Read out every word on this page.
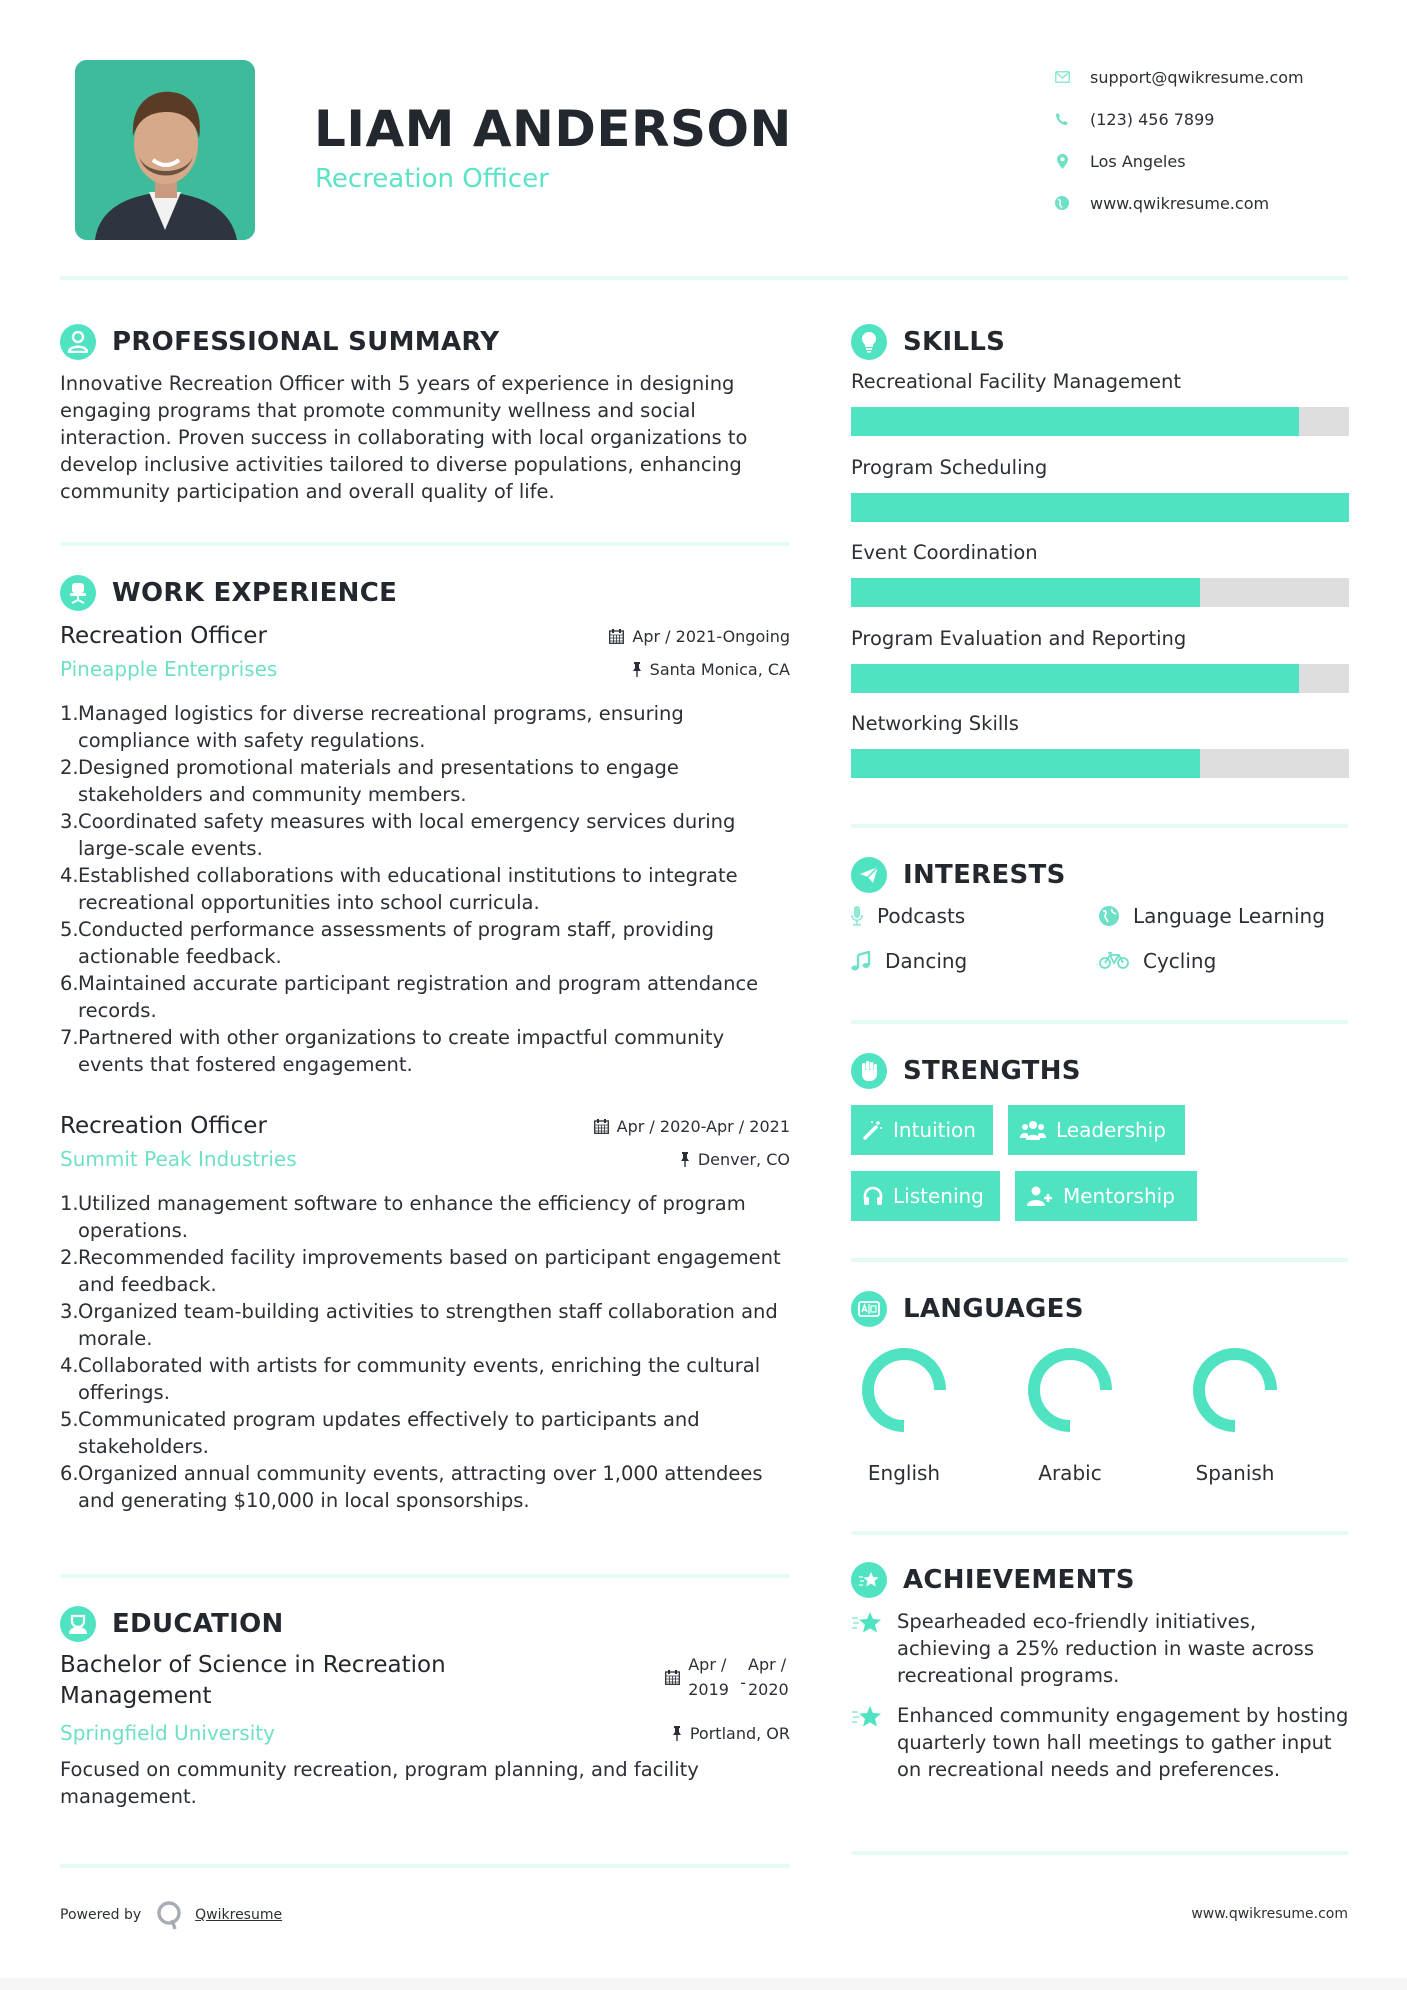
LIAM ANDERSON
Recreation Officer
support@qwikresume.com
(123) 456 7899
Los Angeles
www.qwikresume.com
PROFESSIONAL SUMMARY

Innovative Recreation Officer with 5 years of experience in designing engaging programs that promote community wellness and social interaction. Proven success in collaborating with local organizations to develop inclusive activities tailored to diverse populations, enhancing community participation and overall quality of life.

WORK EXPERIENCE
Recreation Officer	Apr / 2021-Ongoing
Pineapple Enterprises	Santa Monica, CA
1. Managed logistics for diverse recreational programs, ensuring compliance with safety regulations.
2. Designed promotional materials and presentations to engage stakeholders and community members.
3. Coordinated safety measures with local emergency services during large-scale events.
4. Established collaborations with educational institutions to integrate recreational opportunities into school curricula.
5. Conducted performance assessments of program staff, providing actionable feedback.
6. Maintained accurate participant registration and program attendance records.
7. Partnered with other organizations to create impactful community events that fostered engagement.
Recreation Officer	Apr / 2020-Apr / 2021
Summit Peak Industries	Denver, CO
1. Utilized management software to enhance the efficiency of program operations.
2. Recommended facility improvements based on participant engagement and feedback.
3. Organized team-building activities to strengthen staff collaboration and morale.
4. Collaborated with artists for community events, enriching the cultural offerings.
5. Communicated program updates effectively to participants and stakeholders.
6. Organized annual community events, attracting over 1,000 attendees and generating $10,000 in local sponsorships.
EDUCATION
Bachelor of Science in Recreation Management
Apr / 2019 -
Apr / 2020
Springfield University	Portland, OR

Focused on community recreation, program planning, and facility management.

SKILLS
Recreational Facility Management
Program Scheduling
Event Coordination
Program Evaluation and Reporting
Networking Skills
INTERESTS
Podcasts	Language Learning
Dancing	Cycling
STRENGTHS
Intuition	Leadership
Listening	Mentorship
LANGUAGES
English	Arabic	Spanish
ACHIEVEMENTS
Spearheaded eco-friendly initiatives, achieving a 25% reduction in waste across recreational programs.
Enhanced community engagement by hosting quarterly town hall meetings to gather input on recreational needs and preferences.
Powered by	Qwikresume	www.qwikresume.com
